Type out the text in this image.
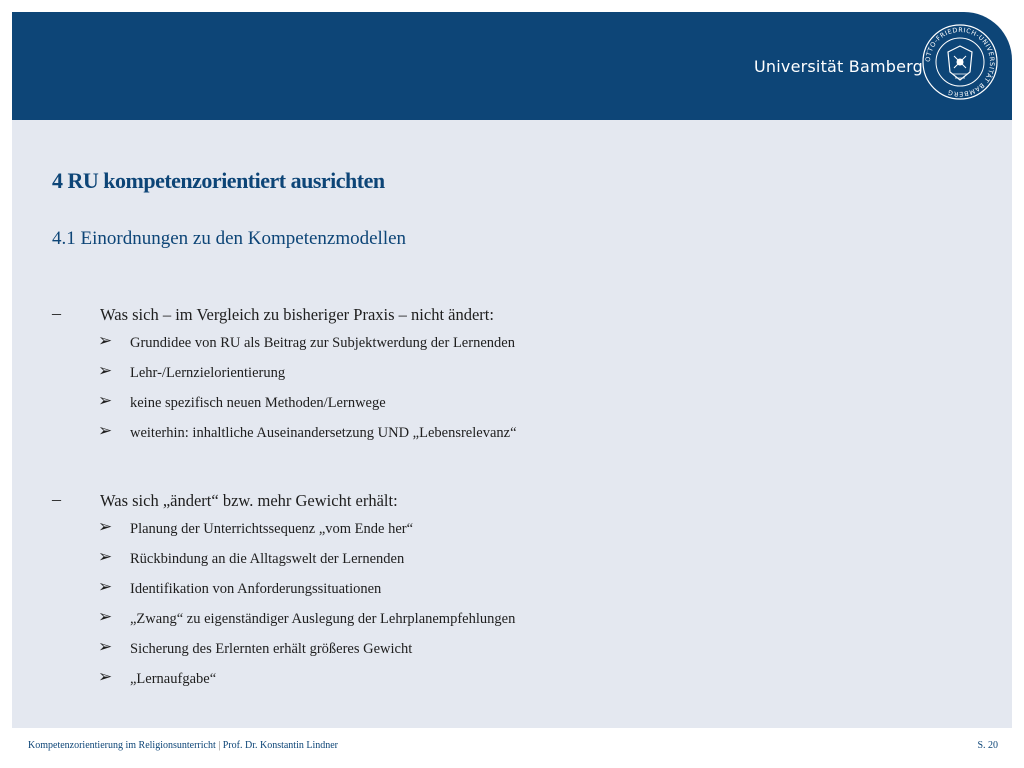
Universität Bamberg OTTO-FRIEDRICH-UNIVERSITÄT BAMBERG
4 RU kompetenzorientiert ausrichten
4.1 Einordnungen zu den Kompetenzmodellen
– Was sich – im Vergleich zu bisheriger Praxis – nicht ändert:
➢ Grundidee von RU als Beitrag zur Subjektwerdung der Lernenden
➢ Lehr-/Lernzielorientierung
➢ keine spezifisch neuen Methoden/Lernwege
➢ weiterhin: inhaltliche Auseinandersetzung UND „Lebensrelevanz“
– Was sich „ändert“ bzw. mehr Gewicht erhält:
➢ Planung der Unterrichtssequenz „vom Ende her“
➢ Rückbindung an die Alltagswelt der Lernenden
➢ Identifikation von Anforderungssituationen
➢ „Zwang“ zu eigenständiger Auslegung der Lehrplanempfehlungen
➢ Sicherung des Erlernten erhält größeres Gewicht
➢ „Lernaufgabe“
Kompetenzorientierung im Religionsunterricht | Prof. Dr. Konstantin Lindner	S. 20
